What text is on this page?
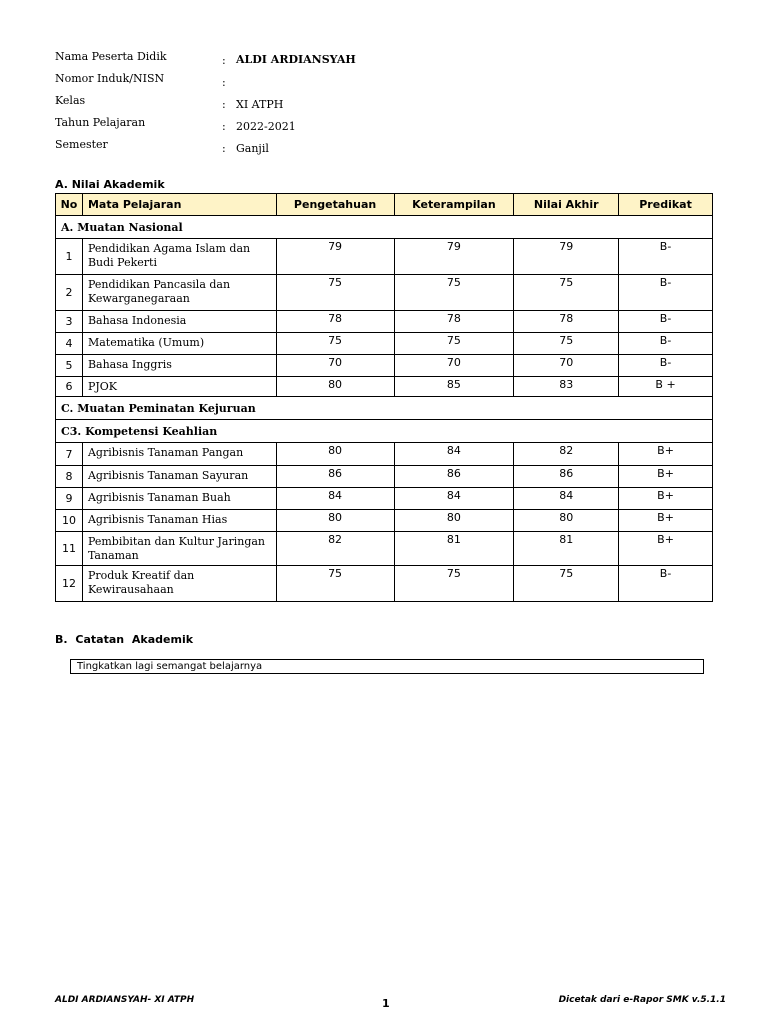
Nama Peserta Didik	: ALDI ARDIANSYAH
Nomor Induk/NISN	:
Kelas	: XI ATPH
Tahun Pelajaran	: 2022-2021
Semester	: Ganjil
A. Nilai Akademik
No	Mata Pelajaran	Pengetahuan	Keterampilan	Nilai Akhir	Predikat
A. Muatan Nasional					
1	Pendidikan Agama Islam dan Budi Pekerti	79	79	79	B-
2	Pendidikan Pancasila dan Kewarganegaraan	75	75	75	B-
3	Bahasa Indonesia	78	78	78	B-
4	Matematika (Umum)	75	75	75	B-
5	Bahasa Inggris	70	70	70	B-
6	PJOK	80	85	83	B +
C. Muatan Peminatan Kejuruan					
C3. Kompetensi Keahlian					
7	Agribisnis Tanaman Pangan	80	84	82	B+
8	Agribisnis Tanaman Sayuran	86	86	86	B+
9	Agribisnis Tanaman Buah	84	84	84	B+
10	Agribisnis Tanaman Hias	80	80	80	B+
11	Pembibitan dan Kultur Jaringan Tanaman	82	81	81	B+
12	Produk Kreatif dan Kewirausahaan	75	75	75	B-
B. Catatan Akademik
Tingkatkan lagi semangat belajarnya
ALDI ARDIANSYAH- XI ATPH	1	Dicetak dari e-Rapor SMK v.5.1.1
